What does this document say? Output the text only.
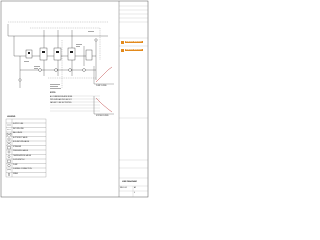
SHREE BALAJI
SHREE BALAJI
LEGEND
SUPPLY LINE
RETURN LINE
BALL VALVE
BUTTERFLY VALVE
NON RETURN VALVE
STRAINER
PRESSURE GAUGE
TEMPERATURE GAUGE
FLOW SWITCH
PUMP
FLEXIBLE CONNECTION
DRAIN
NOTES
ALL DIMENSIONS ARE IN MM.
PIPE SIZES AS PER LAYOUT.
VALVES TO BE SUPPORTED.
PUMP CURVE
SYSTEM CURVE
LINE DIAGRAM
SB-LD-01	A3
0
